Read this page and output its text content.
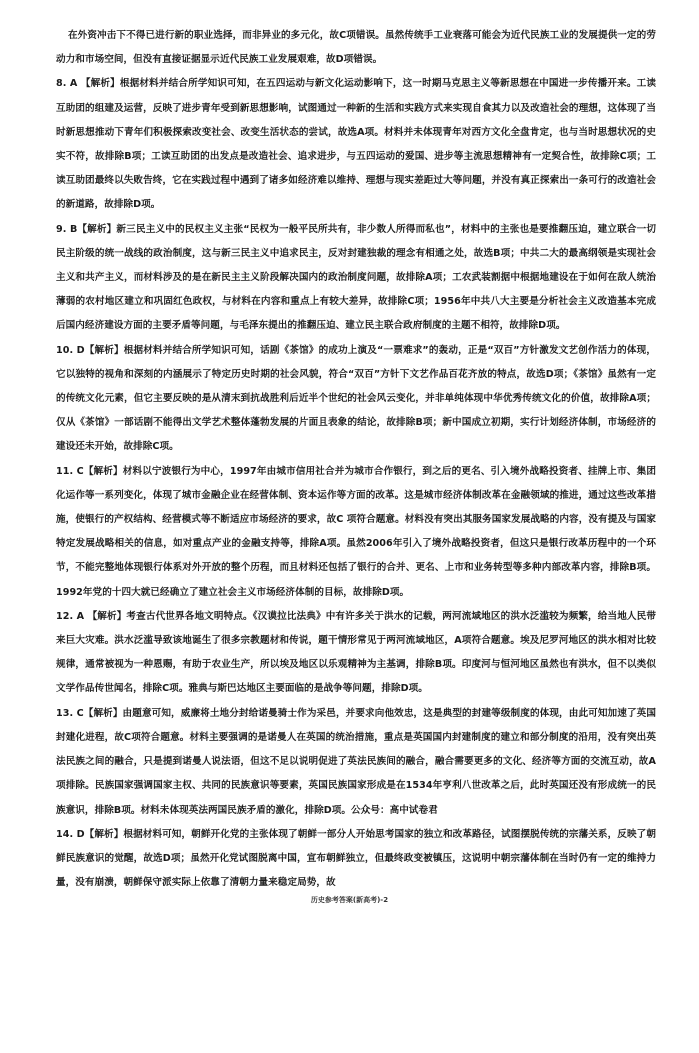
在外资冲击下不得已进行新的职业选择，而非异业的多元化，故C项错误。虽然传统手工业衰落可能会为近代民族工业的发展提供一定的劳动力和市场空间，但没有直接证据显示近代民族工业发展艰难，故D项错误。

8. A 【解析】根据材料并结合所学知识可知，在五四运动与新文化运动影响下，这一时期马克思主义等新思想在中国进一步传播开来。工读互助团的组建及运营，反映了进步青年受到新思想影响，试图通过一种新的生活和实践方式来实现自食其力以及改造社会的理想，这体现了当时新思想推动下青年们积极探索改变社会、改变生活状态的尝试，故选A项。材料并未体现青年对西方文化全盘肯定，也与当时思想状况的史实不符，故排除B项；工读互助团的出发点是改造社会、追求进步，与五四运动的爱国、进步等主流思想精神有一定契合性，故排除C项；工读互助团最终以失败告终，它在实践过程中遇到了诸多如经济难以维持、理想与现实差距过大等问题，并没有真正探索出一条可行的改造社会的新道路，故排除D项。

9. B【解析】新三民主义中的民权主义主张“民权为一般平民所共有，非少数人所得而私也”，材料中的主张也是要推翻压迫，建立联合一切民主阶级的统一战线的政治制度，这与新三民主义中追求民主，反对封建独裁的理念有相通之处，故选B项；中共二大的最高纲领是实现社会主义和共产主义，而材料涉及的是在新民主主义阶段解决国内的政治制度问题，故排除A项；工农武装割据中根据地建设在于如何在敌人统治薄弱的农村地区建立和巩固红色政权，与材料在内容和重点上有较大差异，故排除C项；1956年中共八大主要是分析社会主义改造基本完成后国内经济建设方面的主要矛盾等问题，与毛泽东提出的推翻压迫、建立民主联合政府制度的主题不相符，故排除D项。

10. D【解析】根据材料并结合所学知识可知，话剧《茶馆》的成功上演及“一票难求”的轰动，正是“双百”方针激发文艺创作活力的体现，它以独特的视角和深刻的内涵展示了特定历史时期的社会风貌，符合“双百”方针下文艺作品百花齐放的特点，故选D项；《茶馆》虽然有一定的传统文化元素，但它主要反映的是从清末到抗战胜利后近半个世纪的社会风云变化，并非单纯体现中华优秀传统文化的价值，故排除A项；仅从《茶馆》一部话剧不能得出文学艺术整体蓬勃发展的片面且表象的结论，故排除B项；新中国成立初期，实行计划经济体制，市场经济的建设还未开始，故排除C项。

11. C【解析】材料以宁波银行为中心，1997年由城市信用社合并为城市合作银行，到之后的更名、引入境外战略投资者、挂牌上市、集团化运作等一系列变化，体现了城市金融企业在经营体制、资本运作等方面的改革。这是城市经济体制改革在金融领域的推进，通过这些改革措施，使银行的产权结构、经营模式等不断适应市场经济的要求，故C 项符合题意。材料没有突出其服务国家发展战略的内容，没有提及与国家特定发展战略相关的信息，如对重点产业的金融支持等，排除A项。虽然2006年引入了境外战略投资者，但这只是银行改革历程中的一个环节，不能完整地体现银行体系对外开放的整个历程，而且材料还包括了银行的合并、更名、上市和业务转型等多种内部改革内容，排除B项。1992年党的十四大就已经确立了建立社会主义市场经济体制的目标，故排除D项。

12. A 【解析】考查古代世界各地文明特点。《汉谟拉比法典》中有许多关于洪水的记载，两河流域地区的洪水泛滥较为频繁，给当地人民带来巨大灾难。洪水泛滥导致该地诞生了很多宗教题材和传说，题干情形常见于两河流域地区，A项符合题意。埃及尼罗河地区的洪水相对比较规律，通常被视为一种恩赐，有助于农业生产，所以埃及地区以乐观精神为主基调，排除B项。印度河与恒河地区虽然也有洪水，但不以类似文学作品传世闻名，排除C项。雅典与斯巴达地区主要面临的是战争等问题，排除D项。

13. C【解析】由题意可知，威廉将土地分封给诺曼骑士作为采邑，并要求向他效忠，这是典型的封建等级制度的体现，由此可知加速了英国封建化进程，故C项符合题意。材料主要强调的是诺曼人在英国的统治措施，重点是英国国内封建制度的建立和部分制度的沿用，没有突出英法民族之间的融合，只是提到诺曼人说法语，但这不足以说明促进了英法民族间的融合，融合需要更多的文化、经济等方面的交流互动，故A项排除。民族国家强调国家主权、共同的民族意识等要素，英国民族国家形成是在1534年亨利八世改革之后，此时英国还没有形成统一的民族意识，排除B项。材料未体现英法两国民族矛盾的激化，排除D项。公众号：高中试卷君

14. D【解析】根据材料可知，朝鲜开化党的主张体现了朝鲜一部分人开始思考国家的独立和改革路径，试图摆脱传统的宗藩关系，反映了朝鲜民族意识的觉醒，故选D项；虽然开化党试图脱离中国，宣布朝鲜独立，但最终政变被镇压，这说明中朝宗藩体制在当时仍有一定的维持力量，没有崩溃，朝鲜保守派实际上依靠了清朝力量来稳定局势，故

历史参考答案(新高考)-2
